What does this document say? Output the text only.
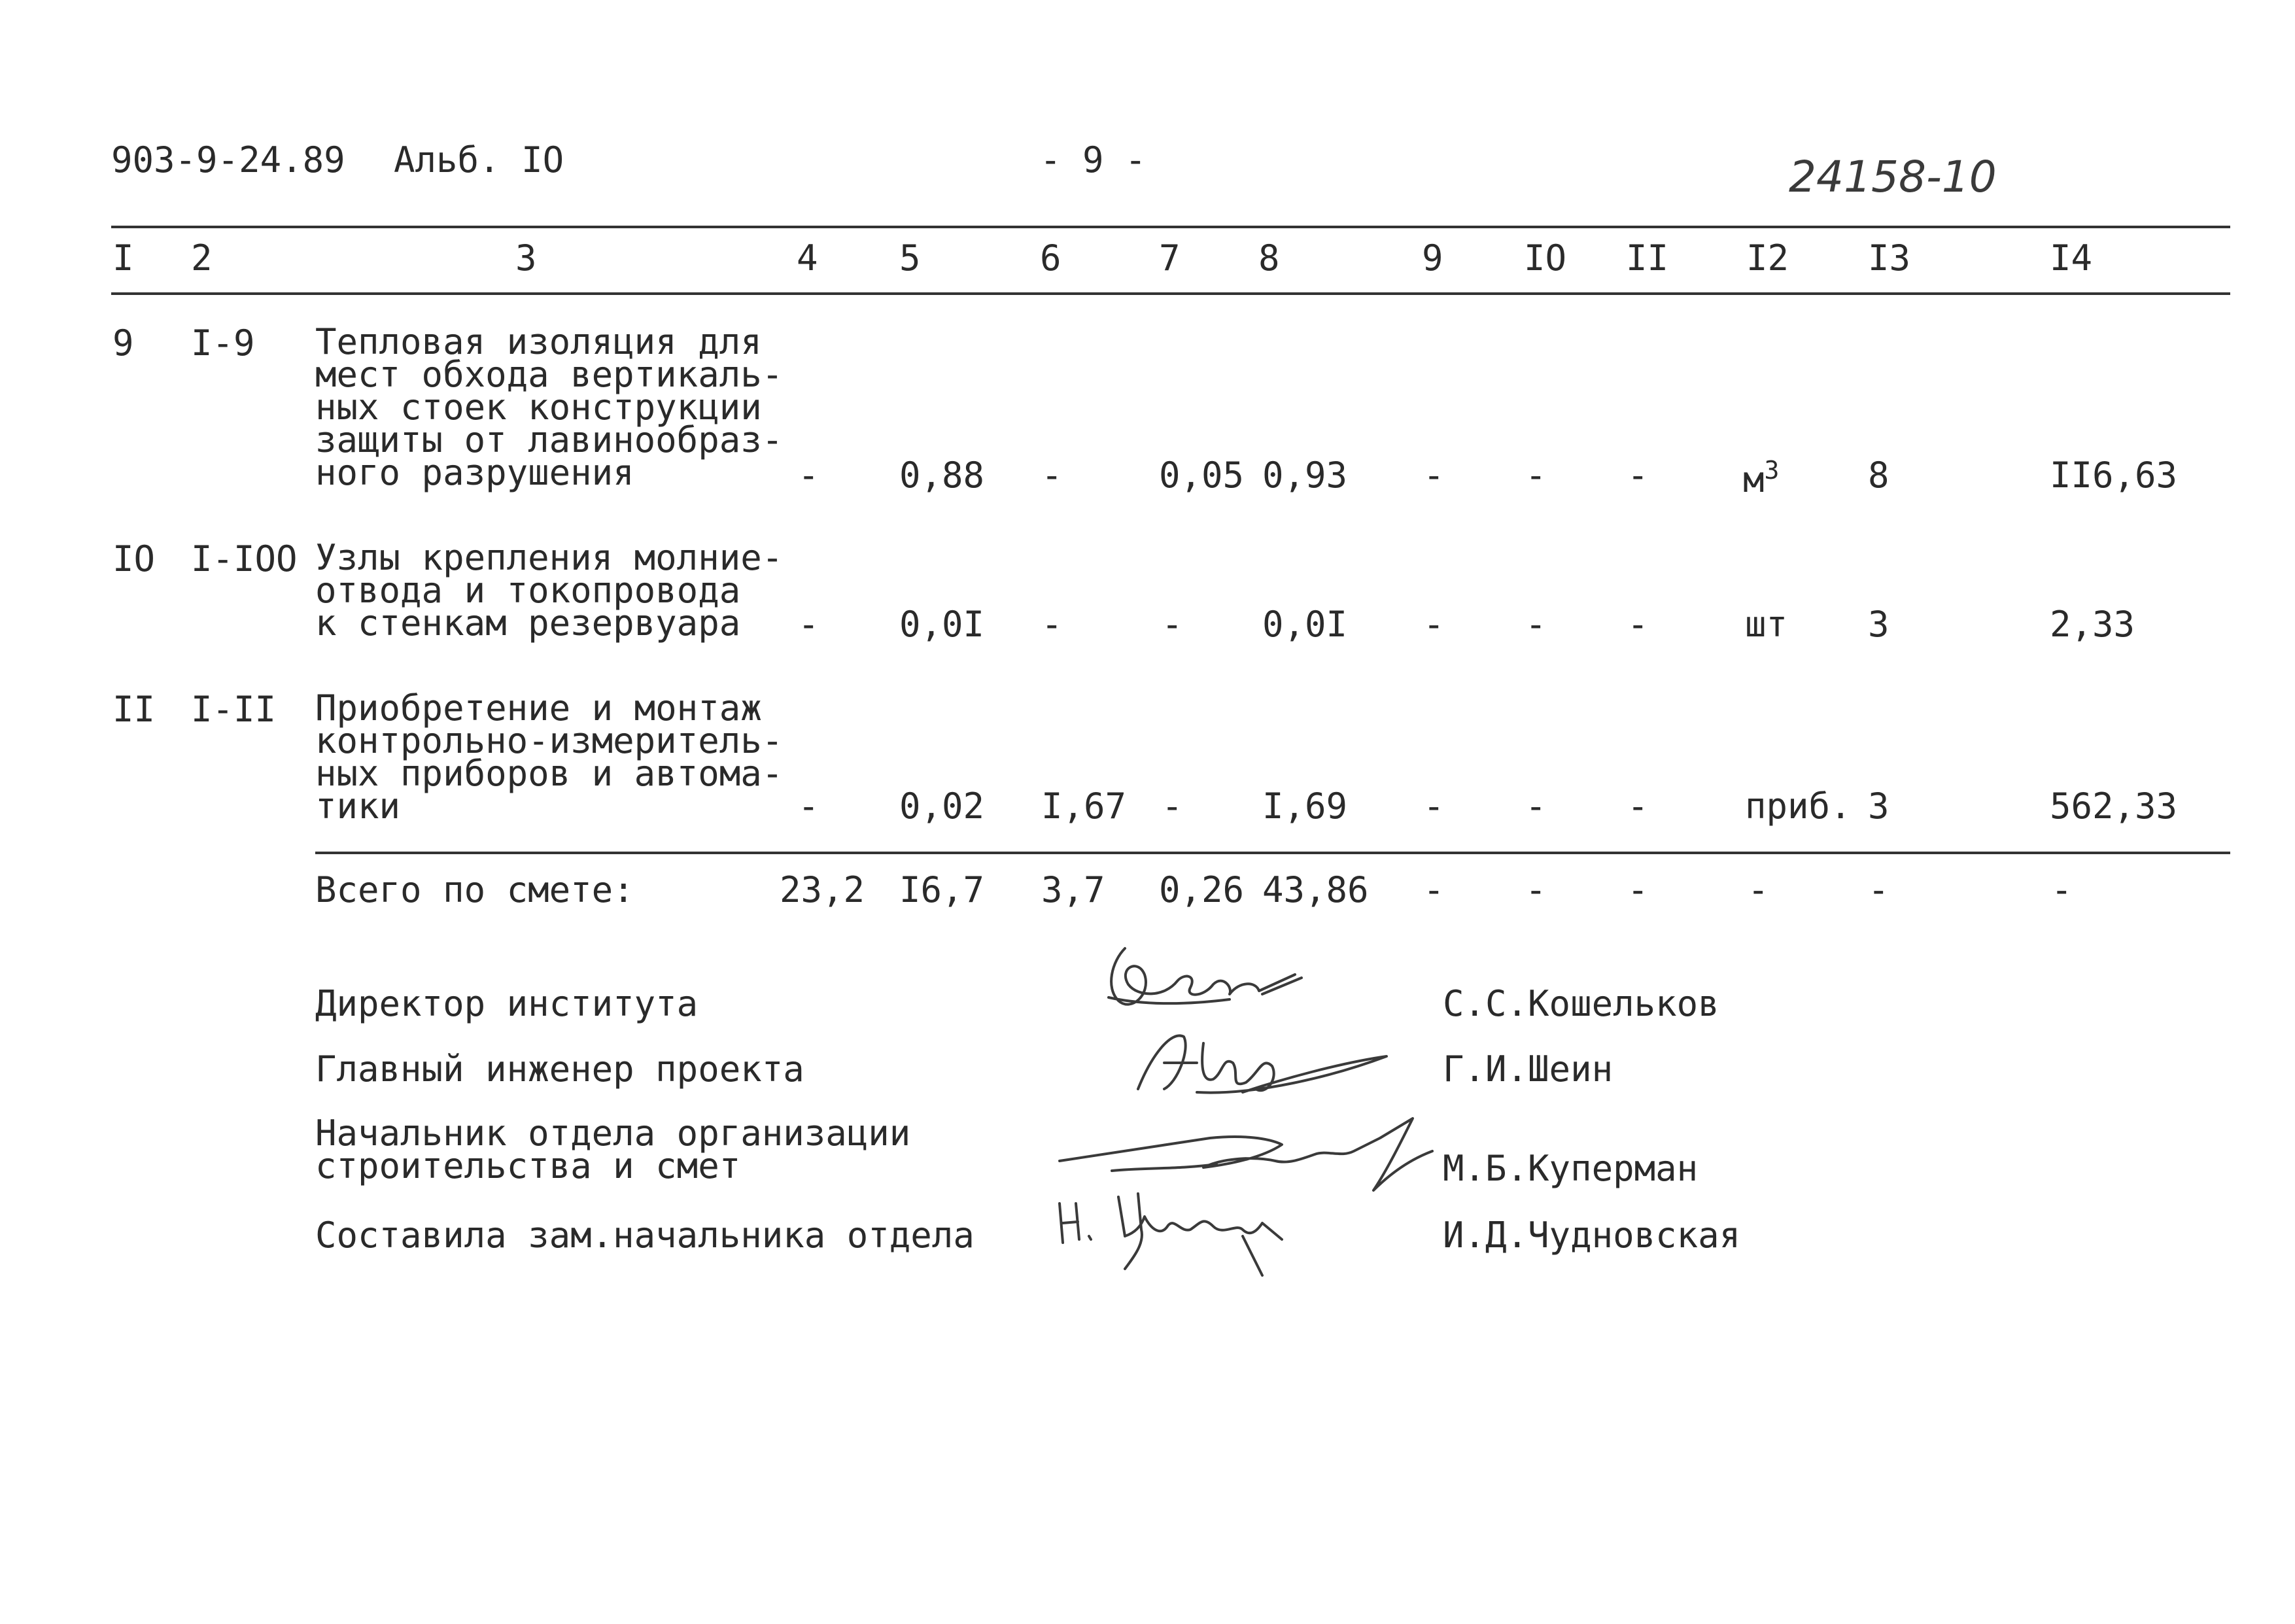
903-9-24.89 Альб. IO	- 9 -	24158-10
I 2	3	4 5	6	7 8	9 IO II I2 I3	I4
9 I-9 Тепловая изоляция для
мест обхода вертикаль-
ных стоек конструкции
защиты от лавинообраз-
ного разрушения	- 0,88 -	0,05 0,93 - - -	$м^3$	8	II6,63
IO I-IOO Узлы крепления молние-
отвода и токопровода
к стенкам резервуара	- 0,0I -	- 0,0I - - -	шт 3	2,33
II I-II Приобретение и монтаж
контрольно-измеритель-
ных приборов и автома-
тики	- 0,02 I,67 - I,69 - - -	приб. 3	562,33
Всего по смете:	23,2 I6,7 3,7 0,26 43,86 - - -	-	-	-
Директор института	С.С.Кошельков
Главный инженер проекта	Г.И.Шеин
Начальник отдела организации
строительства и смет	М.Б.Куперман
Составила зам.начальника отдела	И.Д.Чудновская
